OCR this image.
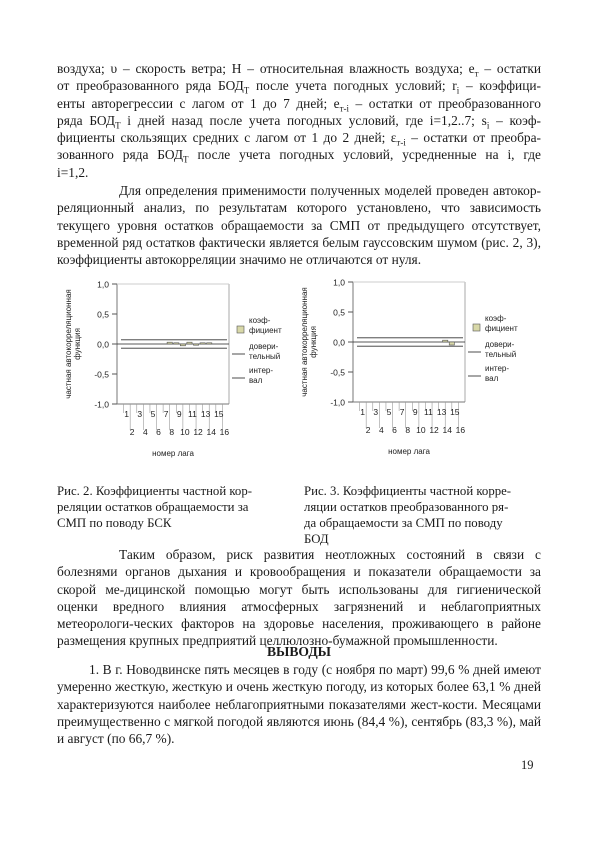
воздуха; υ – скорость ветра; H – относительная влажность воздуха; $e_т$ – остатки

от преобразованного ряда $БОД_Т$ после учета погодных условий; $r_i$ – коэффици-

енты авторегрессии с лагом от 1 до 7 дней; $e_{т-i}$ – остатки от преобразованного

ряда $БОД_Т$ i дней назад после учета погодных условий, где i=1,2..7; $s_i$ – коэф-

фициенты скользящих средних с лагом от 1 до 2 дней; $\varepsilon_{т-i}$ – остатки от преобра-

зованного ряда $БОД_Т$ после учета погодных условий, усредненные на i, где

i=1,2.

Для определения применимости полученных моделей проведен автокор-реляционный анализ, по результатам которого установлено, что зависимость текущего уровня остатков обращаемости за СМП от предыдущего отсутствует, временной ряд остатков фактически является белым гауссовским шумом (рис. 2, 3), коэффициенты автокорреляции значимо не отличаются от нуля.

1,0
0,5
0,0
-0,5
-1,0
1 3 5 7 9 11 13 15
2 4 6 8 10 12 14 16
номер лага
частная автокорреляционная функция
коэф-
фициент
довери-
тельный
интер-
вал
1,0
0,5
0,0
-0,5
-1,0
1 3 5 7 9 11 13 15
2 4 6 8 10 12 14 16
номер лага
частная автокорреляционная функция
коэф-
фициент
довери-
тельный
интер-
вал
Рис. 2. Коэффициенты частной кор-
реляции остатков обращаемости за
СМП по поводу БСК
Рис. 3. Коэффициенты частной корре-
ляции остатков преобразованного ря-
да обращаемости за СМП по поводу
БОД

Таким образом, риск развития неотложных состояний в связи с болезнями органов дыхания и кровообращения и показатели обращаемости за скорой ме-дицинской помощью могут быть использованы для гигиенической оценки вредного влияния атмосферных загрязнений и неблагоприятных метеорологи-ческих факторов на здоровье населения, проживающего в районе размещения крупных предприятий целлюлозно-бумажной промышленности.

ВЫВОДЫ

1. В г. Новодвинске пять месяцев в году (с ноября по март) 99,6 % дней имеют умеренно жесткую, жесткую и очень жесткую погоду, из которых более 63,1 % дней характеризуются наиболее неблагоприятными показателями жест-кости. Месяцами преимущественно с мягкой погодой являются июнь (84,4 %), сентябрь (83,3 %), май и август (по 66,7 %).

19
